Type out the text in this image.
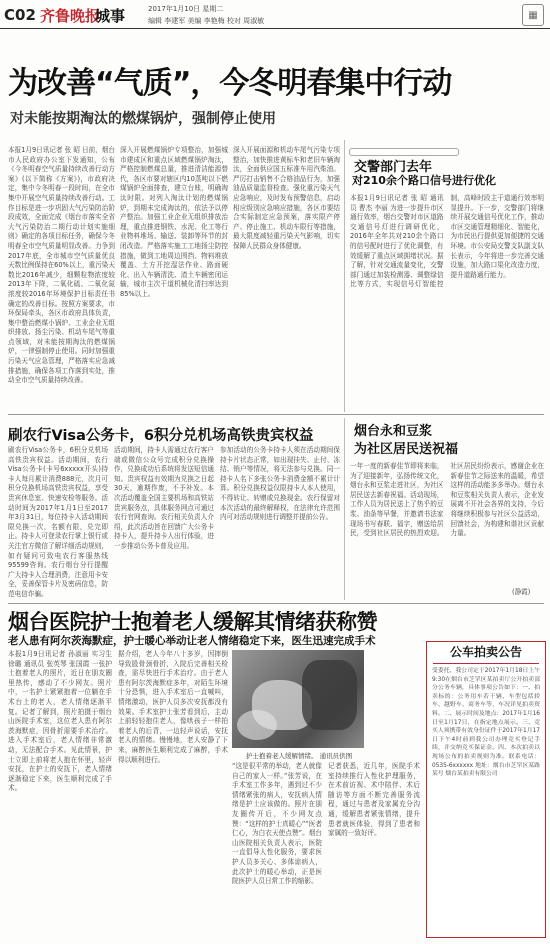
C02 齐鲁晚报
城事	2017年1月10日 星期二
编辑 李建军 美编 李艳梅 校对 周淑敏
▦
为改善“气质”，今冬明春集中行动
对未能按期淘汰的燃煤锅炉，强制停止使用
本报1月9日讯记者 张 昭 日前，烟台市人民政府办公室下发通知，公布《今冬明春空气质量持续改善行动方案》(以下简称《方案》)，市政府决定，集中今冬明春一段时间，在全市集中开展空气质量持续改善行动。工作目标是进一步巩固大气污染防治阶段成效，全面完成《烟台市落实全省大气污染防治二期行动计划实施细则》确定的各项目标任务，确保今冬明春全市空气质量明显改善。力争到2017年底，全市城市空气质量优良天数比例保持在60%以上，重污染天数比2016年减少，细颗粒物浓度较2013年下降，二氧化硫、二氧化氮浓度较2016年环境保护目标责任书确定的改善目标。按照方案要求，市环保局牵头，各区市政府具体负责，集中整治燃煤小锅炉、工业企业无组织排放、扬尘污染、机动车尾气等重点领域，对未能按期淘汰的燃煤锅炉，一律强制停止使用。同时加强重污染天气应急管理，严格落实应急减排措施，确保各项工作落到实处，推动全市空气质量持续改善。
深入开展燃煤锅炉专项整治，加强城市建成区和重点区域燃煤锅炉淘汰，严格控制燃煤总量，推进清洁能源替代，各区市要对辖区内10蒸吨以下燃煤锅炉全面排查，建立台账，明确淘汰时限。对列入淘汰计划的燃煤锅炉，到期未完成淘汰的，依法予以停产整治。加强工业企业无组织排放治理，重点推进钢铁、水泥、化工等行业物料堆场、输送、装卸等环节的封闭改造。严格落实施工工地扬尘防控措施，做到工地周边围挡、物料堆放覆盖、土方开挖湿法作业、路面硬化、出入车辆清洗、渣土车辆密闭运输，城市主次干道机械化清扫率达到85%以上。
深入开展面源和机动车尾气污染专项整治，加快推进黄标车和老旧车辆淘汰，全面供应国五标准车用汽柴油。严厉打击销售不合格油品行为，加强油品质量监督检查。强化重污染天气应急响应，及时发布预警信息，启动相应级别应急响应措施，各区市要结合实际制定应急预案，落实限产停产、停止施工、机动车限行等措施，最大限度减轻重污染天气影响，切实保障人民群众身体健康。
交警部门去年
对210余个路口信号进行优化
本报1月9日讯记者 张 昭 通讯员 曹杰 李丽 为进一步提升市区通行效率，烟台交警对市区道路交通信号灯进行调研优化，2016年全年共对210余个路口的信号配时进行了优化调整，有效缓解了重点区域拥堵状况。据了解，针对交通流量变化，交警部门通过加装检测器、调整绿信比等方式，实现信号灯智能控制，高峰时段主干道通行效率明显提升。下一步，交警部门将继续开展交通信号优化工作，推动市区交通管理精细化、智能化，为市民出行提供更加便捷的交通环境。市公安局交警支队副支队长表示，今年将进一步完善交通设施，加大路口渠化改造力度，提升道路通行能力。
刷农行Visa公务卡，6积分兑机场高铁贵宾权益
刷农行Visa公务卡，6积分兑机场高铁贵宾权益。活动期间，农行Visa公务卡(卡号6xxxxx开头)持卡人每月累计消费888元，次月可积分兑换机场高铁贵宾权益，享受贵宾休息室、快速安检等服务。活动时间为2017年1月1日至2017年3月31日，每位持卡人活动期间限兑换一次，名额有限，兑完即止。持卡人可登录农行掌上银行或关注官方微信了解详细活动规则，如有疑问可致电农行客服热线95599咨询。农行烟台分行提醒广大持卡人合理消费，注意用卡安全，妥善保管卡片及密码信息，防范电信诈骗。
活动期间，持卡人需通过农行客户端或微信公众号完成积分兑换操作，兑换成功后系统将发送短信通知。贵宾权益有效期为兑换之日起30天，逾期作废，不予补发。本次活动覆盖全国主要机场和高铁站贵宾服务点，具体服务网点可通过农行官网查询。农行相关负责人介绍，此次活动旨在回馈广大公务卡持卡人，提升持卡人出行体验，进一步推动公务卡普及应用。
参加活动的公务卡持卡人须在活动期间保持卡片状态正常，如出现挂失、止付、冻结、销户等情况，将无法参与兑换。同一持卡人名下多张公务卡消费金额不累计计算。积分兑换权益仅限持卡人本人使用，不得转让、转赠或兑换现金。农行保留对本次活动的最终解释权，在法律允许范围内可对活动规则进行调整并提前公告。
烟台永和豆浆
为社区居民送祝福
一年一度的新春佳节即将来临，为了迎接新年，弘扬传统文化，烟台永和豆浆走进社区，为社区居民送去新春祝福。活动现场，工作人员为居民送上了热乎的豆浆、油条等早餐，并邀请书法家现场书写春联、福字，赠送给居民，受到社区居民的热烈欢迎。社区居民纷纷表示，感谢企业在新春佳节之际送来的温暖，希望这样的活动能多多举办。烟台永和豆浆相关负责人表示，企业发展离不开社会各界的支持，今后将继续积极参与社区公益活动，回馈社会，为构建和谐社区贡献力量。
(静霞)
烟台医院护士抱着老人缓解其情绪获称赞
老人患有阿尔茨海默症，护士暖心举动让老人情绪稳定下来，医生迅速完成手术
本报1月9日讯记者 孙淑丽 实习生 徐璐 通讯员 张英琴 张国霞 一张护士抱着老人的照片，近日在朋友圈里热传，感动了不少网友。照片中，一名护士紧紧抱着一位躺在手术台上的老人，老人情绪逐渐平复。记者了解到，照片拍摄于烟台山医院手术室，这位老人患有阿尔茨海默症，因骨折需要手术治疗。进入手术室后，老人情绪非常激动，无法配合手术。见此情景，护士立即上前将老人抱在怀里，轻声安抚，在护士的安抚下，老人情绪逐渐稳定下来，医生顺利完成了手术。
据介绍，老人今年八十多岁，因摔倒导致股骨颈骨折，入院后完善相关检查，需尽快进行手术治疗。由于老人患有阿尔茨海默症多年，对陌生环境十分恐惧，进入手术室后一直喊叫，情绪激动，医护人员多次安抚都没有效果。手术室护士张芳看到后，主动上前轻轻抱住老人，像哄孩子一样拍着老人的后背，一边轻声说话，安抚老人的情绪。慢慢地，老人安静了下来，麻醉医生顺利完成了麻醉，手术得以顺利进行。	护士抱着老人缓解情绪。 通讯员供图
“这是很平常的举动，老人就像自己的家人一样。”张芳说，在手术室工作多年，遇到过不少情绪紧张的病人，安抚病人情绪是护士应该做的。照片在朋友圈传开后，不少网友点赞：“这样的护士真暖心”“医者仁心，为白衣天使点赞”。烟台山医院相关负责人表示，医院一直倡导人性化服务，要求医护人员多关心、多体谅病人，此次护士的暖心举动，正是医院医护人员日常工作的缩影。
记者获悉，近几年，医院手术室持续推行人性化护理服务，在术前访视、术中陪伴、术后随访等方面不断完善服务流程，通过与患者及家属充分沟通，缓解患者紧张情绪，提升患者就医体验，得到了患者和家属的一致好评。
公车拍卖公告
受委托，我公司定于2017年1月18日上午9:30在烟台市芝罘区某拍卖厅公开拍卖部分公务车辆，具体事项公告如下：一、拍卖标的：公务用车若干辆，车型包括轿车、越野车、商务车等，车况详见拍卖资料。二、展示时间及地点：2017年1月16日至1月17日，在指定地点展示。三、竞买人须携带有效身份证件于2017年1月17日下午4时前到我公司办理竞买登记手续，并交纳竞买保证金。四、本次拍卖以现场公布的拍卖规则为准。联系电话：0535-6xxxxxx 地址：烟台市芝罘区某路某号 烟台某拍卖有限公司
